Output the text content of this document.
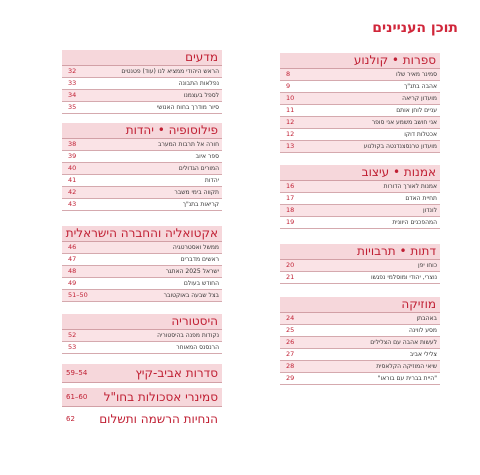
תוכן העניינים
ספרות • קולנוע
סמינר מאיר שלו
8
אהבה בתנ"ך
9
מועדון קריאה
10
עניים לוחן אותם
11
אני חושב משמע אני סופר
12
אכטלות דוקו
12
מועדון טרנסצנדנטה בקולנוע
13
אמנות • עיצוב
אמנות לאורך הדורות
16
תחיית האדם
17
לונדון
18
המהפכנים היוונית
19
דתות • תרבויות
כוחו יפן
20
נוצרי, יהודי ומוסלמי נפגשו
21
מוזיקה
באהבתן
24
מסע לווינה
25
לעשות אהבה עם הצלילים
26
צלילי אביב
27
שיאי המוזיקה הקלאסית
28
"היית בברית עם בוראו"
29
מדעים
הראש היהודי ממציא לנו (עוד) פטנטים
32
נפלאות התבונה
33
לספל בעצמנו
34
סיור מודרך בחוח האנושי
35
פילוסופיה • יהדות
חורה אל תרבות המערב
38
ספר איוב
39
המורים הגדולים
40
יהדות
41
תקווה בימי משבר
42
קריאות בתנ"ך
43
אקטואליה והחברה הישראלית
ממשל ואסטרטגיה
46
ראשים מדברים
47
ישראל 2025 האתגר
48
החודש בעולם
49
בצל שבעה באוקטובר
51–50
היסטוריה
נקודות מפנה בהיסטוריה
52
הרנסנס המאוחר
53
סדרות אביב-קיץ
59–54
סמינרי אסכולות בחו"ל
61–60
הנחיות הרשמה ותשלום
62
